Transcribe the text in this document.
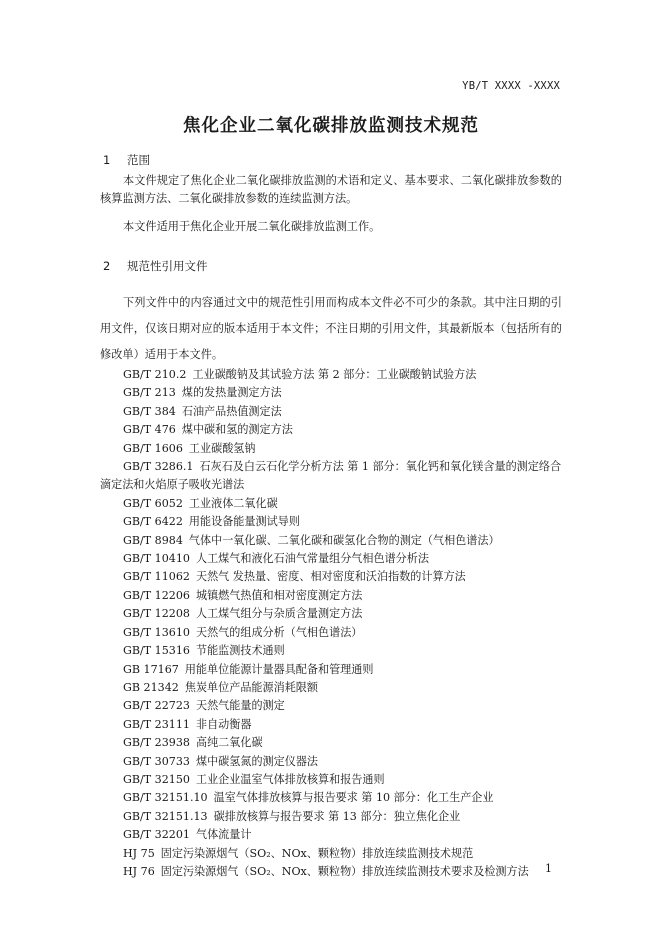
YB/T XXXX -XXXX
焦化企业二氧化碳排放监测技术规范
1 范围

本文件规定了焦化企业二氧化碳排放监测的术语和定义、基本要求、二氧化碳排放参数的核算监测方法、二氧化碳排放参数的连续监测方法。

本文件适用于焦化企业开展二氧化碳排放监测工作。

2 规范性引用文件

下列文件中的内容通过文中的规范性引用而构成本文件必不可少的条款。其中注日期的引用文件，仅该日期对应的版本适用于本文件；不注日期的引用文件，其最新版本（包括所有的修改单）适用于本文件。

GB/T 210.2 工业碳酸钠及其试验方法 第 2 部分：工业碳酸钠试验方法
GB/T 213 煤的发热量测定方法
GB/T 384 石油产品热值测定法
GB/T 476 煤中碳和氢的测定方法
GB/T 1606 工业碳酸氢钠
GB/T 3286.1 石灰石及白云石化学分析方法 第 1 部分：氧化钙和氧化镁含量的测定络合滴定法和火焰原子吸收光谱法
GB/T 6052 工业液体二氧化碳
GB/T 6422 用能设备能量测试导则
GB/T 8984 气体中一氧化碳、二氧化碳和碳氢化合物的测定（气相色谱法）
GB/T 10410 人工煤气和液化石油气常量组分气相色谱分析法
GB/T 11062 天然气 发热量、密度、相对密度和沃泊指数的计算方法
GB/T 12206 城镇燃气热值和相对密度测定方法
GB/T 12208 人工煤气组分与杂质含量测定方法
GB/T 13610 天然气的组成分析（气相色谱法）
GB/T 15316 节能监测技术通则
GB 17167 用能单位能源计量器具配备和管理通则
GB 21342 焦炭单位产品能源消耗限额
GB/T 22723 天然气能量的测定
GB/T 23111 非自动衡器
GB/T 23938 高纯二氧化碳
GB/T 30733 煤中碳氢氮的测定仪器法
GB/T 32150 工业企业温室气体排放核算和报告通则
GB/T 32151.10 温室气体排放核算与报告要求 第 10 部分：化工生产企业
GB/T 32151.13 碳排放核算与报告要求 第 13 部分：独立焦化企业
GB/T 32201 气体流量计
HJ 75 固定污染源烟气（SO₂、NOx、颗粒物）排放连续监测技术规范
HJ 76 固定污染源烟气（SO₂、NOx、颗粒物）排放连续监测技术要求及检测方法	1
